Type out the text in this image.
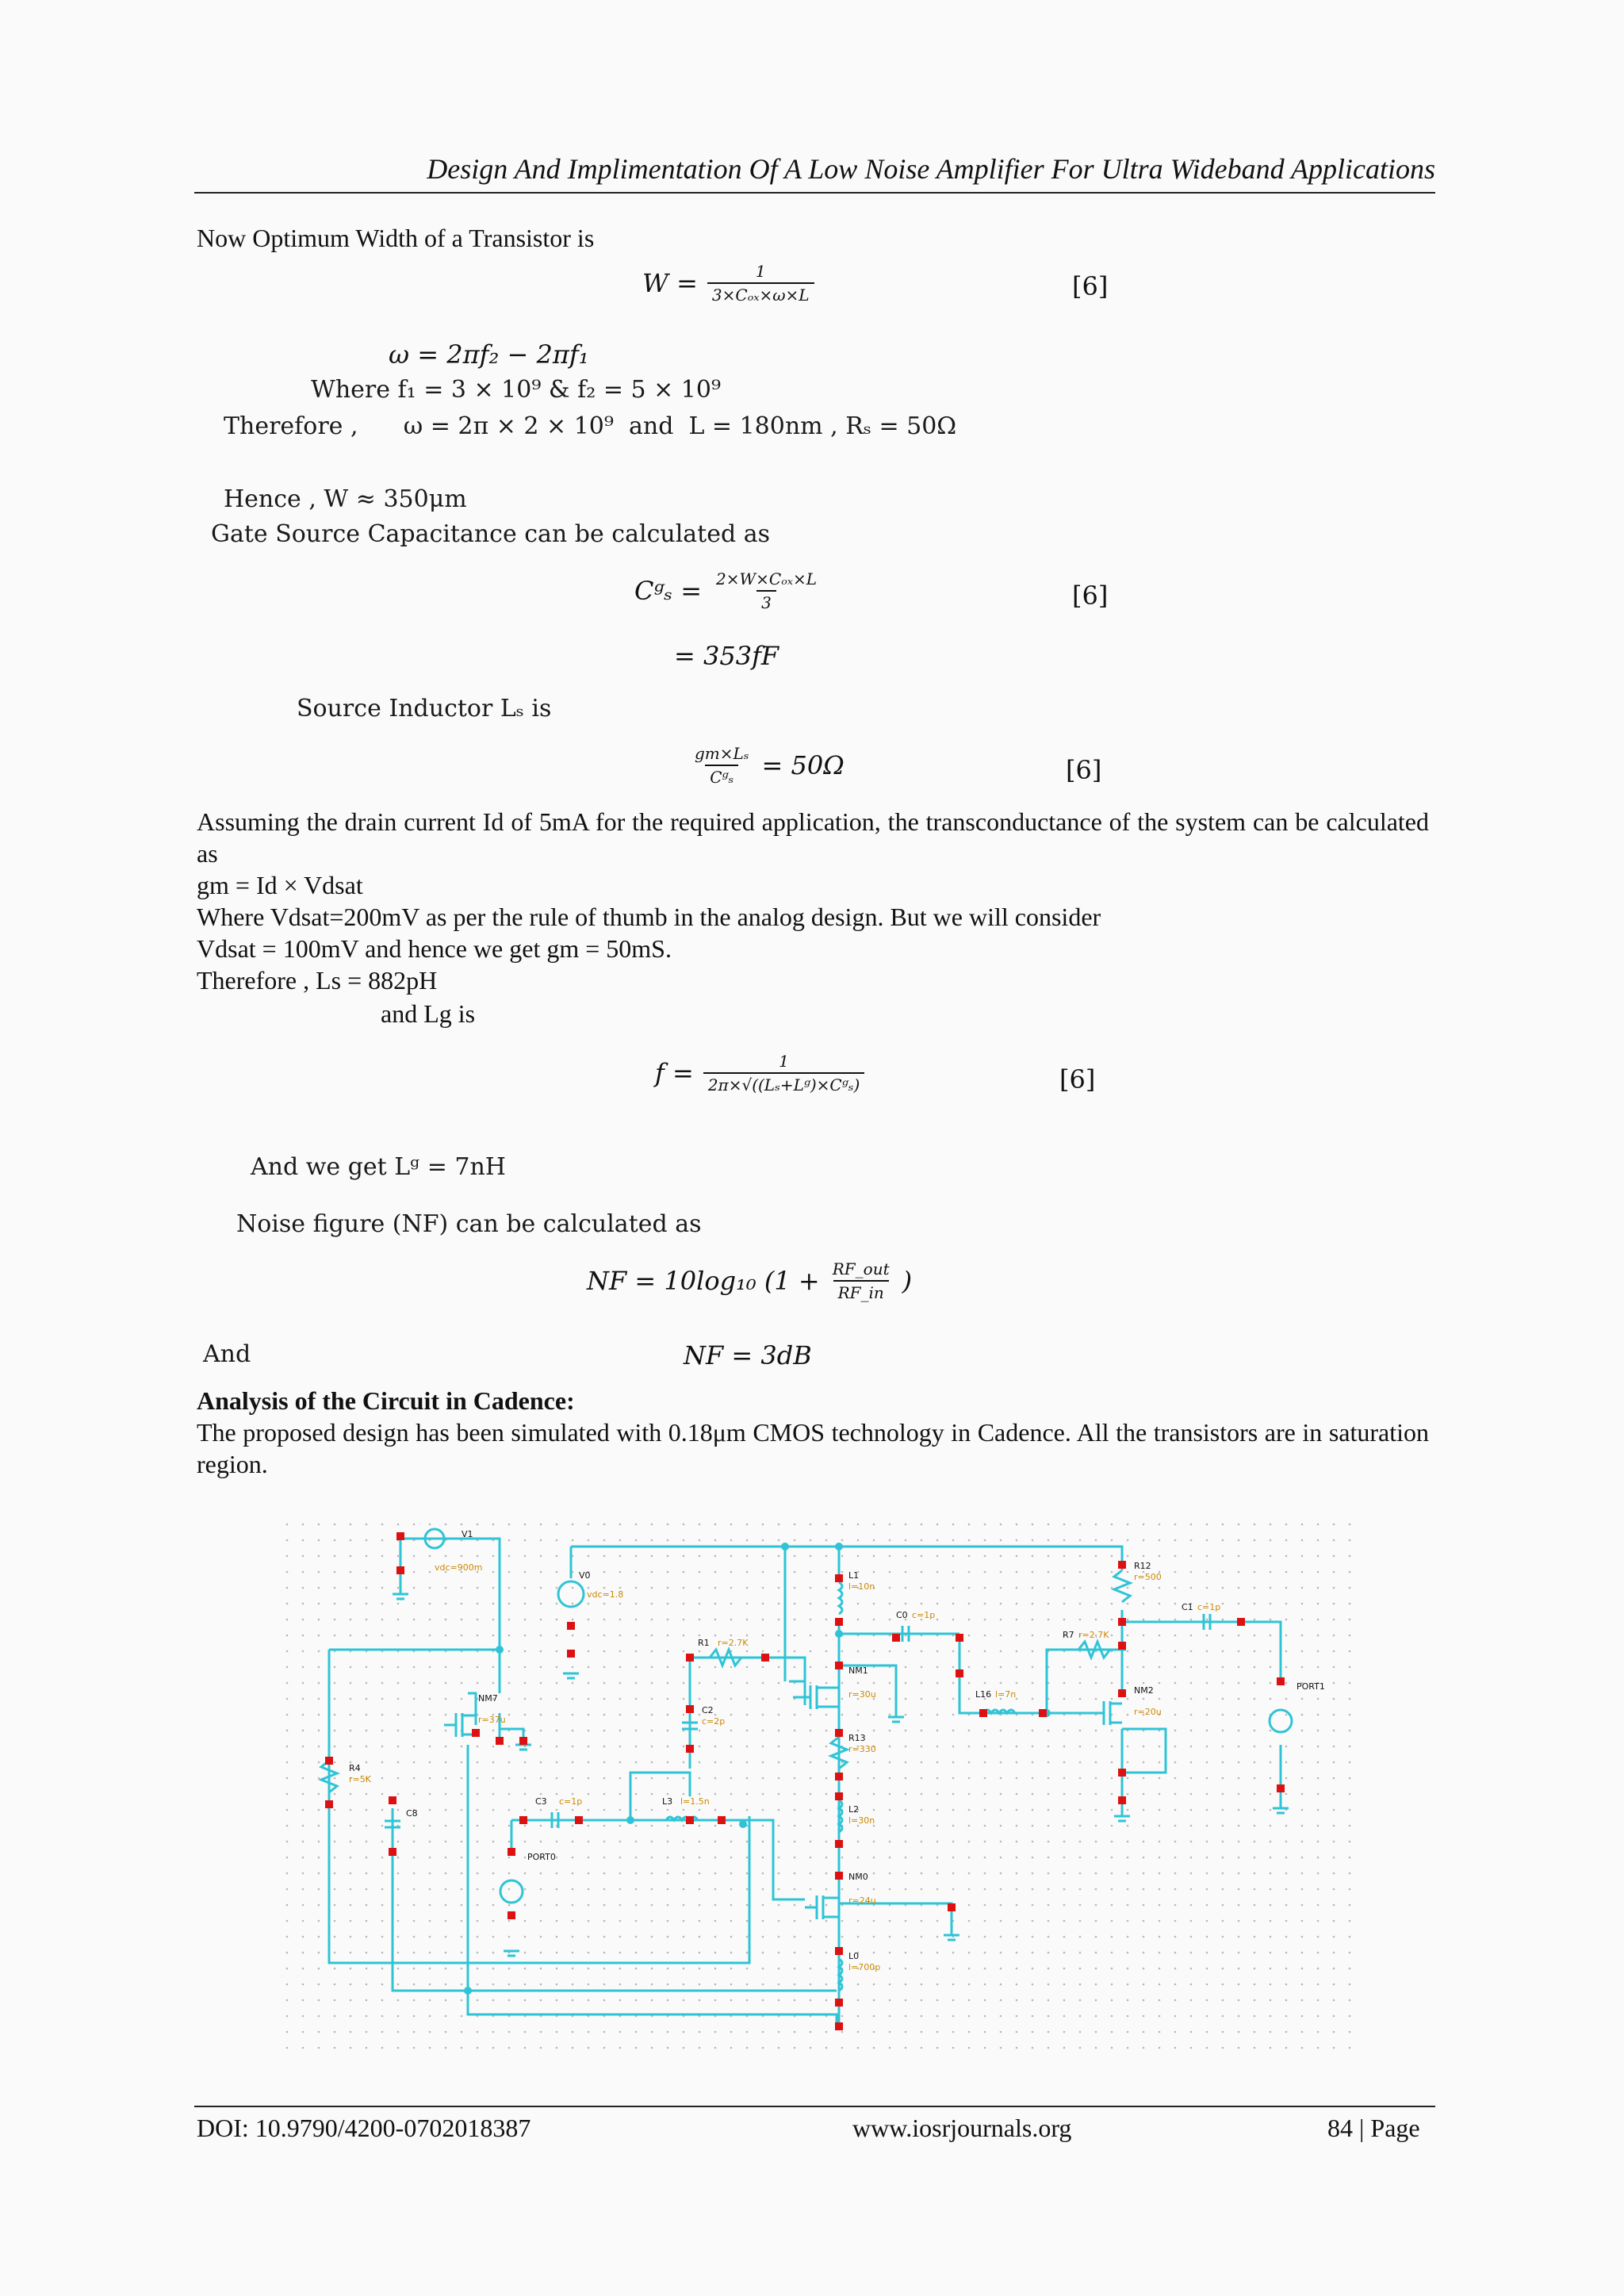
Design And Implimentation Of A Low Noise Amplifier For Ultra Wideband Applications
Now Optimum Width of a Transistor is
$W = \frac{1}{\text{3×Cₒₓ×ω×L}}$	[6]
ω = 2πf₂ − 2πf₁
Where f₁ = 3 × 10⁹ & f₂ = 5 × 10⁹
Therefore ,      ω = 2π × 2 × 10⁹  and  L = 180nm , Rₛ = 50Ω
Hence , W ≈ 350μm
Gate Source Capacitance can be calculated as
Cᵍₛ = $\frac{\text{2×W×Cₒₓ×L}}{3}$	[6]
= 353fF
Source Inductor Lₛ is
$\frac{\text{gm×Lₛ}}{\text{Cᵍₛ}} = 50\Omega$	[6]
Assuming the drain current Id of 5mA for the required application, the transconductance of the system can be calculated as
gm = Id × Vdsat
Where Vdsat=200mV as per the rule of thumb in the analog design. But we will consider
Vdsat = 100mV and hence we get gm = 50mS.
Therefore , Ls = 882pH
and Lg is
$f = \frac{1}{\text{2π×√((Lₛ+Lᵍ)×Cᵍₛ)}}$	[6]
And we get Lᵍ = 7nH
Noise figure (NF) can be calculated as
NF = 10log₁₀ ($1 + \frac{\text{RF\_out}}{RF\_in}$ )
And	NF = 3dB
Analysis of the Circuit in Cadence:
The proposed design has been simulated with 0.18μm CMOS technology in Cadence. All the transistors are in saturation region.
L1
l=10n
R12
r=500
V0
vdc=1.8
V1
vdc=900m
C0 c=1p
C1 c=1p
R1 r=2.7K
R7 r=2.7K
NM1
r=30u	NM2
r=20u
NM7
r=37u
NM0
r=24u
C2
c=2p
R13
r=330
L16 l=7n
R4
r=5K
C8
C3 c=1p	L3 l=1.5n
L2
l=30n
L0
l=700p
PORT0
PORT1
DOI: 10.9790/4200-0702018387	www.iosrjournals.org	84 | Page
